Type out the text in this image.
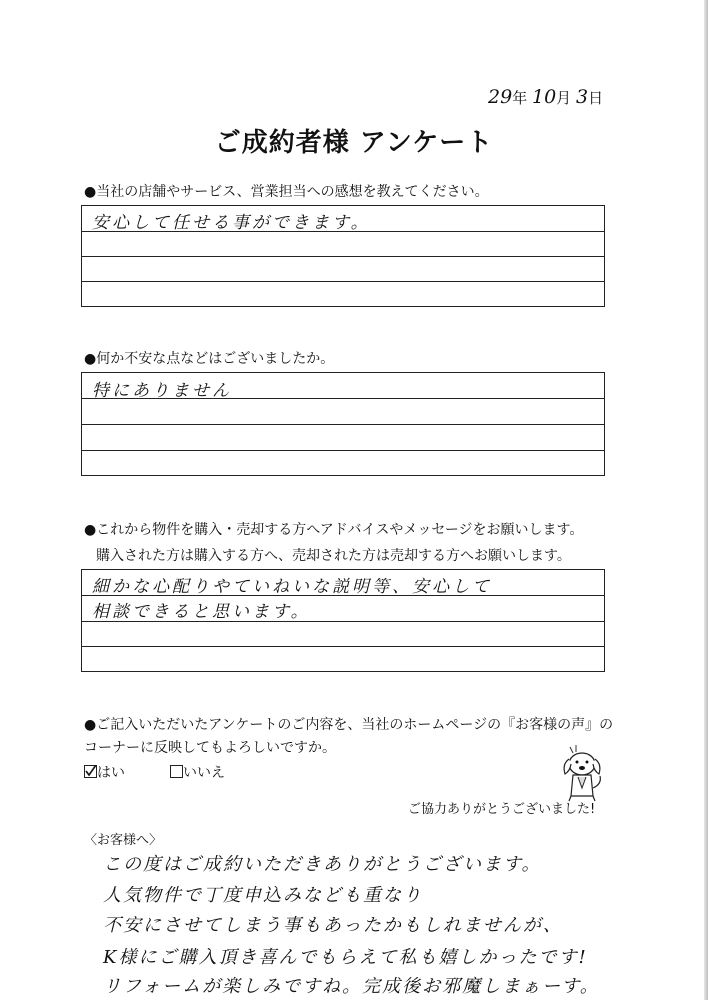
29年 10月 3日
ご成約者様 アンケート
●当社の店舗やサービス、営業担当への感想を教えてください。
安心して任せる事ができます。
●何か不安な点などはございましたか。
特にありません
●これから物件を購入・売却する方へアドバイスやメッセージをお願いします。
購入された方は購入する方へ、売却された方は売却する方へお願いします。
細かな心配りやていねいな説明等、安心して
相談できると思います。
●ご記入いただいたアンケートのご内容を、当社のホームページの『お客様の声』の
コーナーに反映してもよろしいですか。
はい	いいえ
ご協力ありがとうございました!
〈お客様へ〉
この度はご成約いただきありがとうございます。
人気物件で丁度申込みなども重なり
不安にさせてしまう事もあったかもしれませんが、
K様にご購入頂き喜んでもらえて私も嬉しかったです!
リフォームが楽しみですね。完成後お邪魔しまぁーす。
